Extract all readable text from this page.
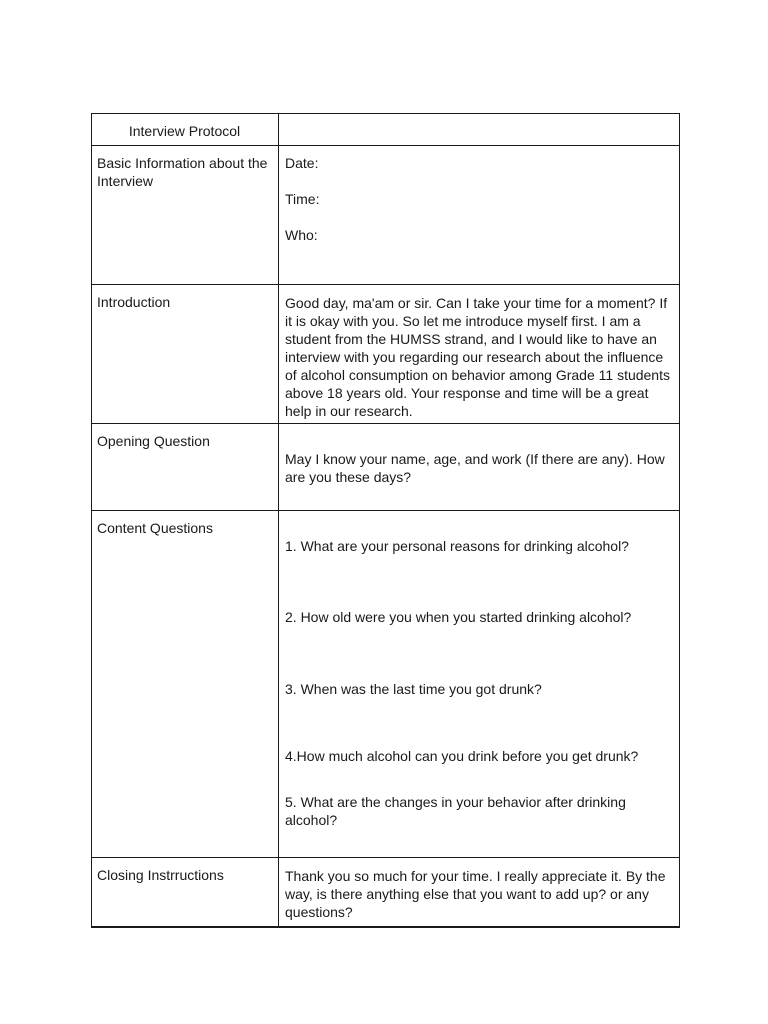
Interview Protocol	

Basic Information about the Interview	Date:
Time:
Who:

Introduction	Good day, ma'am or sir. Can I take your time for a moment? If it is okay with you. So let me introduce myself first. I am a student from the HUMSS strand, and I would like to have an interview with you regarding our research about the influence of alcohol consumption on behavior among Grade 11 students above 18 years old. Your response and time will be a great help in our research.

Opening Question	May I know your name, age, and work (If there are any). How are you these days?

Content Questions	1. What are your personal reasons for drinking alcohol?

2. How old were you when you started drinking alcohol?

3. When was the last time you got drunk?

4.How much alcohol can you drink before you get drunk?

5. What are the changes in your behavior after drinking alcohol?

Closing Instrructions	Thank you so much for your time. I really appreciate it. By the way, is there anything else that you want to add up? or any questions?
